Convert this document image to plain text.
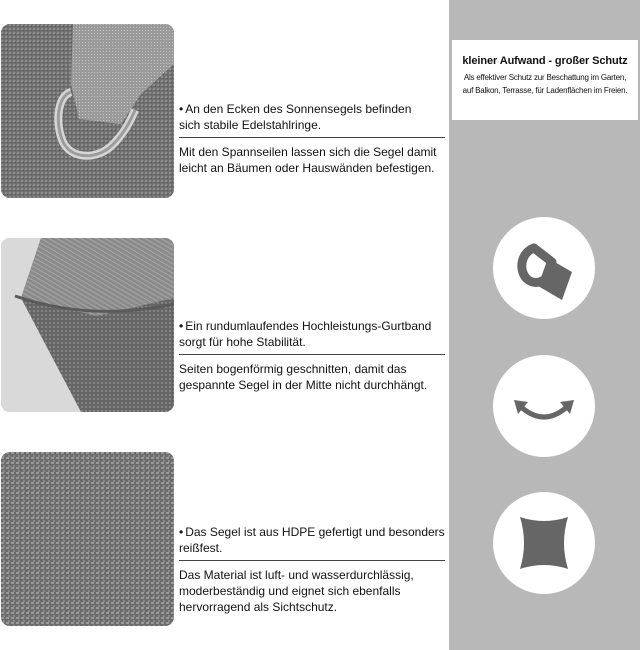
kleiner Aufwand - großer Schutz
Als effektiver Schutz zur Beschattung im Garten,
auf Balkon, Terrasse, für Ladenflächen im Freien.
• An den Ecken des Sonnensegels befinden
sich stabile Edelstahlringe.
Mit den Spannseilen lassen sich die Segel damit
leicht an Bäumen oder Hauswänden befestigen.
• Ein rundumlaufendes Hochleistungs-Gurtband
sorgt für hohe Stabilität.
Seiten bogenförmig geschnitten, damit das
gespannte Segel in der Mitte nicht durchhängt.
• Das Segel ist aus HDPE gefertigt und besonders
reißfest.
Das Material ist luft- und wasserdurchlässig,
moderbeständig und eignet sich ebenfalls
hervorragend als Sichtschutz.
